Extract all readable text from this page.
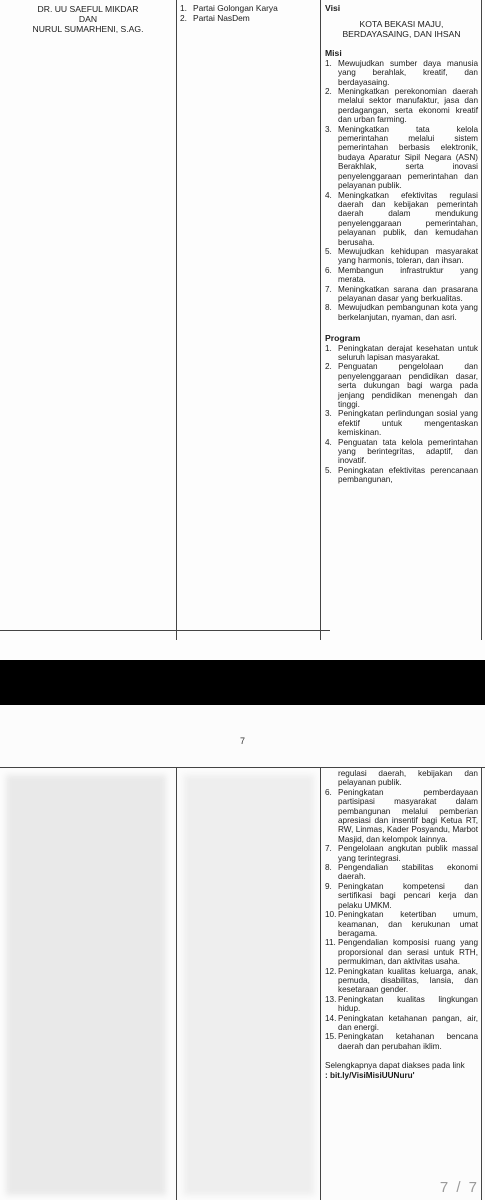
DR. UU SAEFUL MIKDAR
DAN
NURUL SUMARHENI, S.AG.
1. Partai Golongan Karya
2. Partai NasDem
Visi
KOTA BEKASI MAJU, BERDAYASAING, DAN IHSAN
Misi
1. Mewujudkan sumber daya manusia yang berahlak, kreatif, dan berdayasaing.
2. Meningkatkan perekonomian daerah melalui sektor manufaktur, jasa dan perdagangan, serta ekonomi kreatif dan urban farming.
3. Meningkatkan tata kelola pemerintahan melalui sistem pemerintahan berbasis elektronik, budaya Aparatur Sipil Negara (ASN) Berakhlak, serta inovasi penyelenggaraan pemerintahan dan pelayanan publik.
4. Meningkatkan efektivitas regulasi daerah dan kebijakan pemerintah daerah dalam mendukung penyelenggaraan pemerintahan, pelayanan publik, dan kemudahan berusaha.
5. Mewujudkan kehidupan masyarakat yang harmonis, toleran, dan ihsan.
6. Membangun infrastruktur yang merata.
7. Meningkatkan sarana dan prasarana pelayanan dasar yang berkualitas.
8. Mewujudkan pembangunan kota yang berkelanjutan, nyaman, dan asri.
Program
1. Peningkatan derajat kesehatan untuk seluruh lapisan masyarakat.
2. Penguatan pengelolaan dan penyelenggaraan pendidikan dasar, serta dukungan bagi warga pada jenjang pendidikan menengah dan tinggi.
3. Peningkatan perlindungan sosial yang efektif untuk mengentaskan kemiskinan.
4. Penguatan tata kelola pemerintahan yang berintegritas, adaptif, dan inovatif.
5. Peningkatan efektivitas perencanaan pembangunan,
regulasi daerah, kebijakan dan pelayanan publik.
6. Peningkatan pemberdayaan partisipasi masyarakat dalam pembangunan melalui pemberian apresiasi dan insentif bagi Ketua RT, RW, Linmas, Kader Posyandu, Marbot Masjid, dan kelompok lainnya.
7. Pengelolaan angkutan publik massal yang terintegrasi.
8. Pengendalian stabilitas ekonomi daerah.
9. Peningkatan kompetensi dan sertifikasi bagi pencari kerja dan pelaku UMKM.
10. Peningkatan ketertiban umum, keamanan, dan kerukunan umat beragama.
11. Pengendalian komposisi ruang yang proporsional dan serasi untuk RTH, permukiman, dan aktivitas usaha.
12. Peningkatan kualitas keluarga, anak, pemuda, disabilitas, lansia, dan kesetaraan gender.
13. Peningkatan kualitas lingkungan hidup.
14. Peningkatan ketahanan pangan, air, dan energi.
15. Peningkatan ketahanan bencana daerah dan perubahan iklim.
Selengkapnya dapat diakses pada link
: bit.ly/VisiMisiUUNuru'
7
7 / 7
